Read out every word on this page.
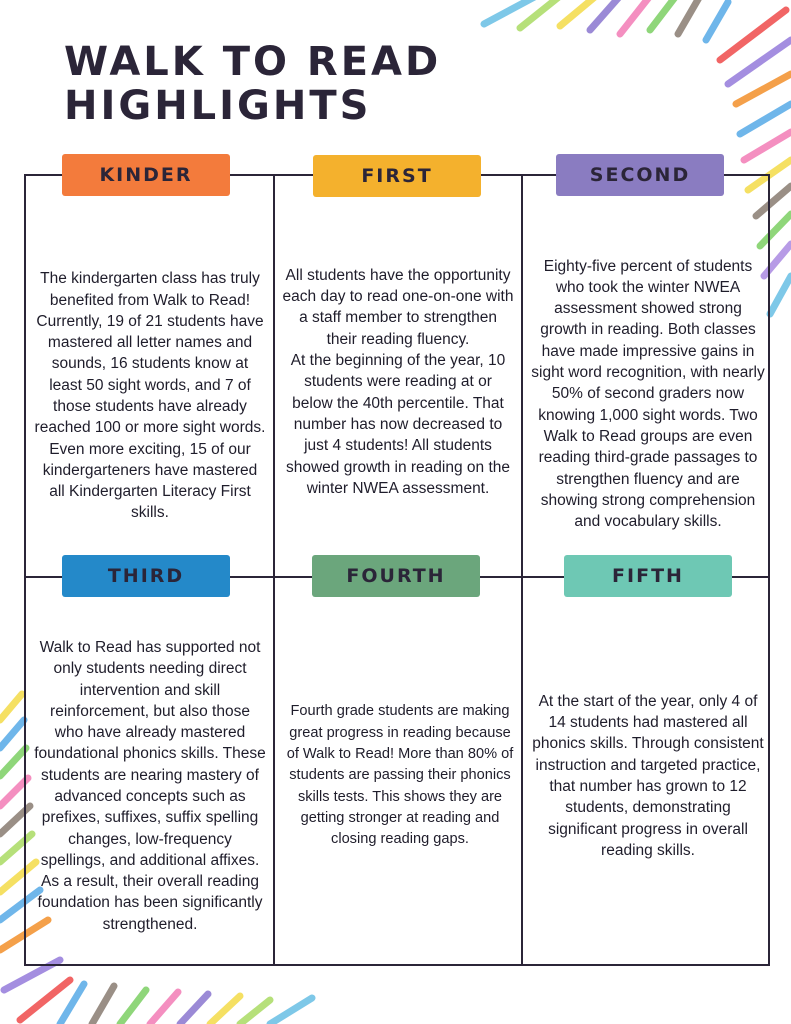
WALK TO READ
HIGHLIGHTS

The kindergarten class has truly benefited from Walk to Read! Currently, 19 of 21 students have mastered all letter names and sounds, 16 students know at least 50 sight words, and 7 of those students have already reached 100 or more sight words. Even more exciting, 15 of our kindergarteners have mastered all Kindergarten Literacy First skills.

All students have the opportunity each day to read one-on-one with a staff member to strengthen their reading fluency.
At the beginning of the year, 10 students were reading at or below the 40th percentile. That number has now decreased to just 4 students! All students showed growth in reading on the winter NWEA assessment.

Eighty-five percent of students who took the winter NWEA assessment showed strong growth in reading. Both classes have made impressive gains in sight word recognition, with nearly 50% of second graders now knowing 1,000 sight words. Two Walk to Read groups are even reading third-grade passages to strengthen fluency and are showing strong comprehension and vocabulary skills.

Walk to Read has supported not only students needing direct intervention and skill reinforcement, but also those who have already mastered foundational phonics skills. These students are nearing mastery of advanced concepts such as prefixes, suffixes, suffix spelling changes, low-frequency spellings, and additional affixes. As a result, their overall reading foundation has been significantly strengthened.

Fourth grade students are making great progress in reading because of Walk to Read! More than 80% of students are passing their phonics skills tests. This shows they are getting stronger at reading and closing reading gaps.

At the start of the year, only 4 of 14 students had mastered all phonics skills. Through consistent instruction and targeted practice, that number has grown to 12 students, demonstrating significant progress in overall reading skills.

KINDER	FIRST	SECOND
THIRD	FOURTH	FIFTH
